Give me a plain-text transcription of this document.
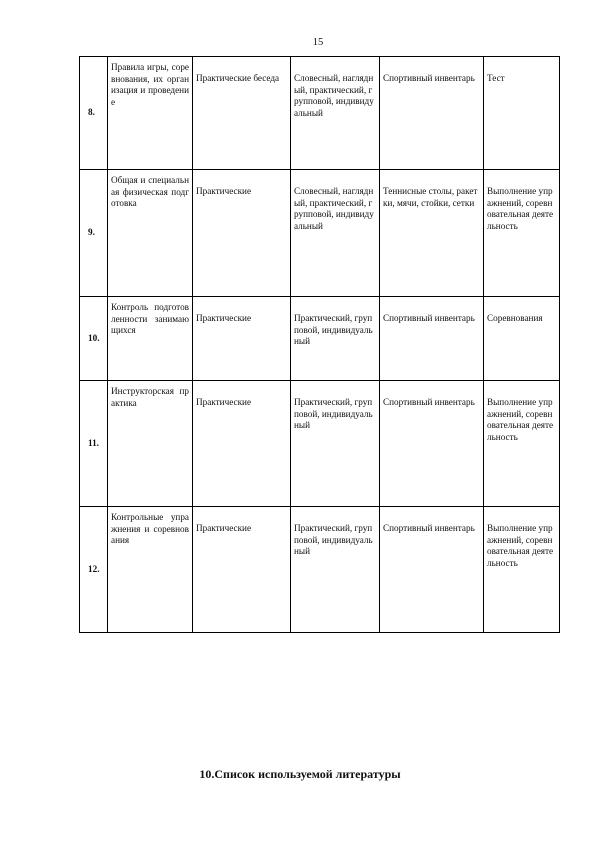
15
8.	Правила игры, соревнования, их организация и проведение	Практические беседа	Словесный, наглядный, практический, групповой, индивидуальный	Спортивный инвентарь	Тест
9.	Общая и специальная физическая подготовка	Практические	Словесный, наглядный, практический, групповой, индивидуальный	Теннисные столы, ракетки, мячи, стойки, сетки	Выполнение упражнений, соревновательная деятельность
10.	Контроль подготовленности занимающихся	Практические	Практический, групповой, индивидуальный	Спортивный инвентарь	Соревнования
11.	Инструкторская практика	Практические	Практический, групповой, индивидуальный	Спортивный инвентарь	Выполнение упражнений, соревновательная деятельность
12.	Контрольные упражнения и соревнования	Практические	Практический, групповой, индивидуальный	Спортивный инвентарь	Выполнение упражнений, соревновательная деятельность
10.Список используемой литературы
